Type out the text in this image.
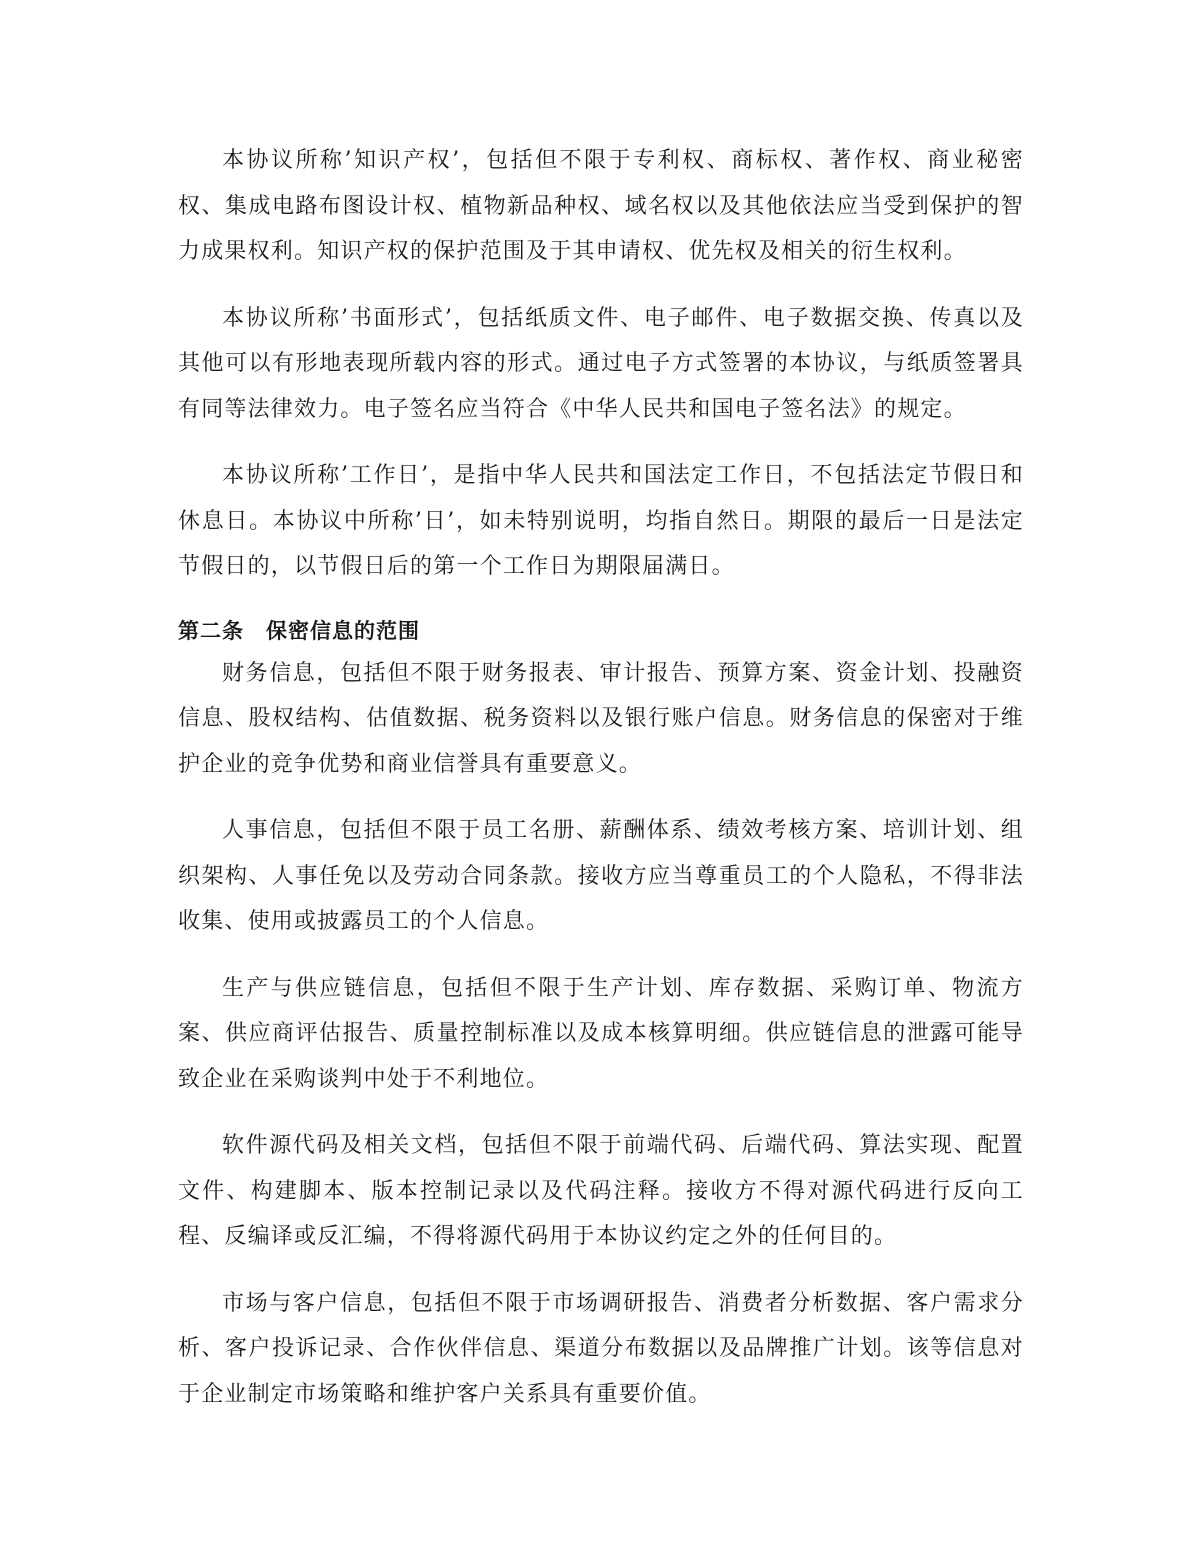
本协议所称’知识产权’，包括但不限于专利权、商标权、著作权、商业秘密权、集成电路布图设计权、植物新品种权、域名权以及其他依法应当受到保护的智力成果权利。知识产权的保护范围及于其申请权、优先权及相关的衍生权利。

本协议所称’书面形式’，包括纸质文件、电子邮件、电子数据交换、传真以及其他可以有形地表现所载内容的形式。通过电子方式签署的本协议，与纸质签署具有同等法律效力。电子签名应当符合《中华人民共和国电子签名法》的规定。

本协议所称’工作日’，是指中华人民共和国法定工作日，不包括法定节假日和休息日。本协议中所称’日’，如未特别说明，均指自然日。期限的最后一日是法定节假日的，以节假日后的第一个工作日为期限届满日。

第二条 保密信息的范围

财务信息，包括但不限于财务报表、审计报告、预算方案、资金计划、投融资信息、股权结构、估值数据、税务资料以及银行账户信息。财务信息的保密对于维护企业的竞争优势和商业信誉具有重要意义。

人事信息，包括但不限于员工名册、薪酬体系、绩效考核方案、培训计划、组织架构、人事任免以及劳动合同条款。接收方应当尊重员工的个人隐私，不得非法收集、使用或披露员工的个人信息。

生产与供应链信息，包括但不限于生产计划、库存数据、采购订单、物流方案、供应商评估报告、质量控制标准以及成本核算明细。供应链信息的泄露可能导致企业在采购谈判中处于不利地位。

软件源代码及相关文档，包括但不限于前端代码、后端代码、算法实现、配置文件、构建脚本、版本控制记录以及代码注释。接收方不得对源代码进行反向工程、反编译或反汇编，不得将源代码用于本协议约定之外的任何目的。

市场与客户信息，包括但不限于市场调研报告、消费者分析数据、客户需求分析、客户投诉记录、合作伙伴信息、渠道分布数据以及品牌推广计划。该等信息对于企业制定市场策略和维护客户关系具有重要价值。
